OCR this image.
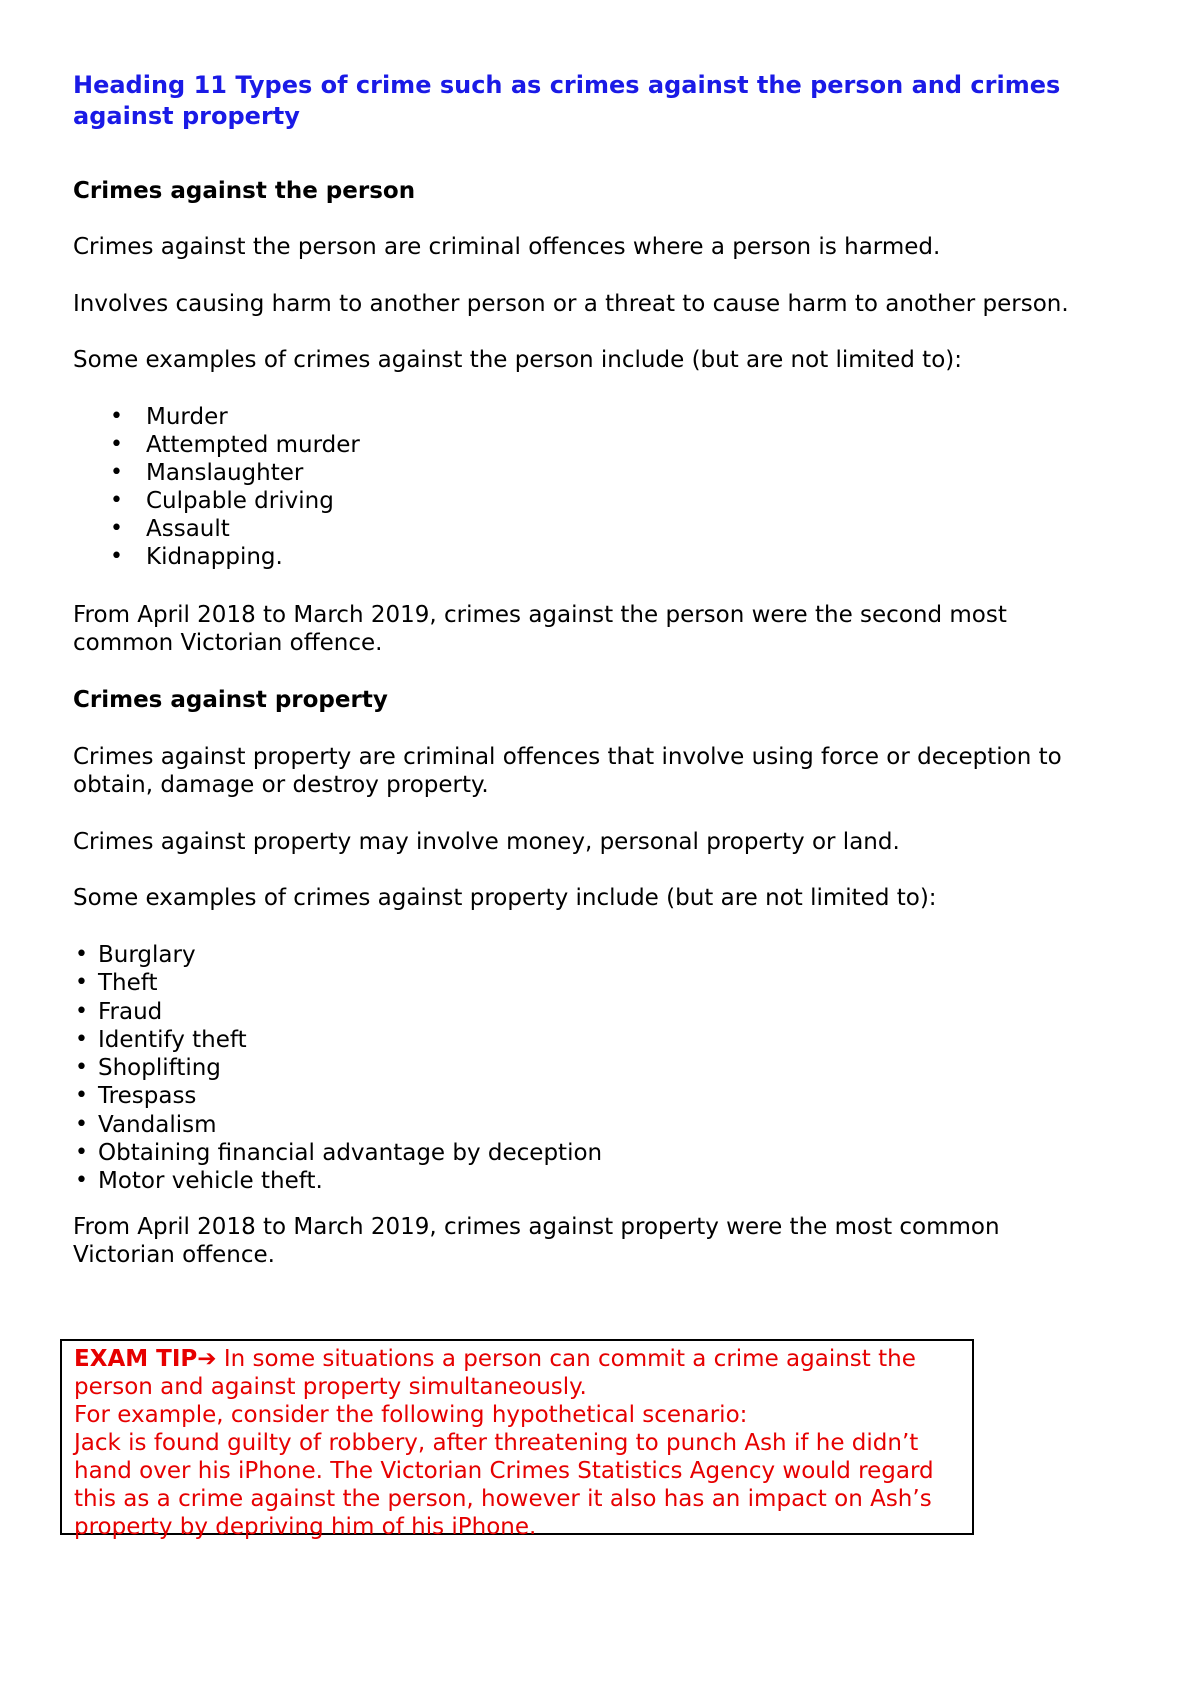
Heading 11 Types of crime such as crimes against the person and crimes against property

Crimes against the person

Crimes against the person are criminal offences where a person is harmed.

Involves causing harm to another person or a threat to cause harm to another person.

Some examples of crimes against the person include (but are not limited to):

• Murder
• Attempted murder
• Manslaughter
• Culpable driving
• Assault
• Kidnapping.

From April 2018 to March 2019, crimes against the person were the second most common Victorian offence.

Crimes against property

Crimes against property are criminal offences that involve using force or deception to obtain, damage or destroy property.

Crimes against property may involve money, personal property or land.

Some examples of crimes against property include (but are not limited to):

• Burglary
• Theft
• Fraud
• Identify theft
• Shoplifting
• Trespass
• Vandalism
• Obtaining financial advantage by deception
• Motor vehicle theft.

From April 2018 to March 2019, crimes against property were the most common Victorian offence.

EXAM TIP➔ In some situations a person can commit a crime against the person and against property simultaneously.

For example, consider the following hypothetical scenario:

Jack is found guilty of robbery, after threatening to punch Ash if he didn’t hand over his iPhone. The Victorian Crimes Statistics Agency would regard this as a crime against the person, however it also has an impact on Ash’s property by depriving him of his iPhone.
